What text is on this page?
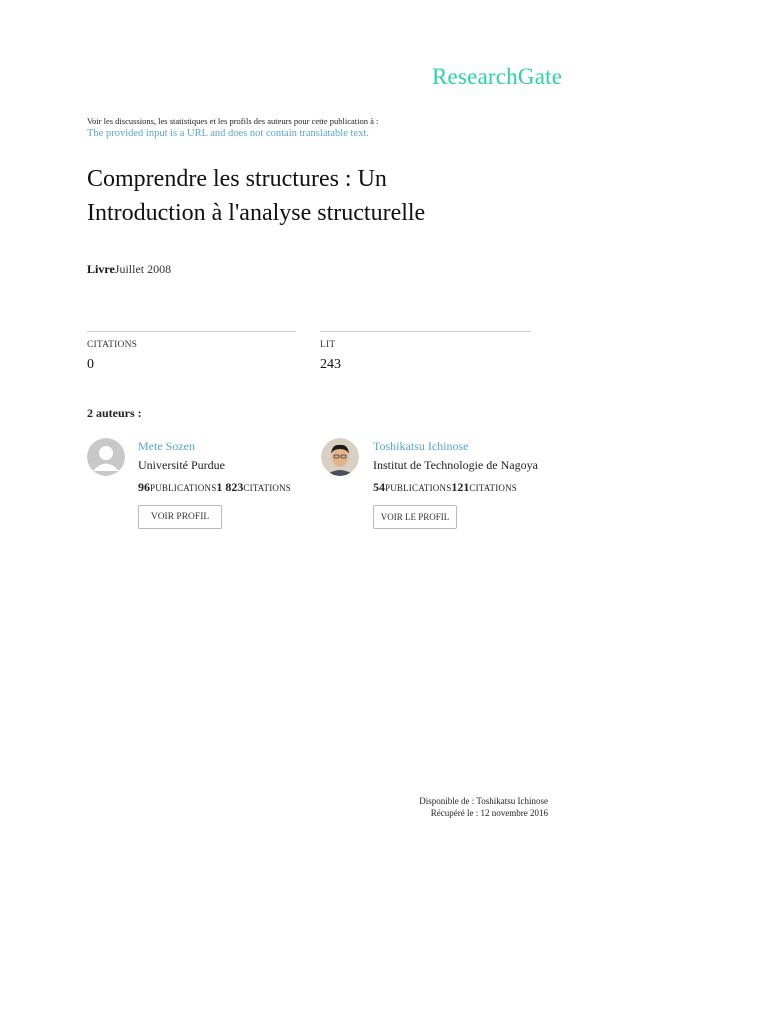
ResearchGate
Voir les discussions, les statistiques et les profils des auteurs pour cette publication à :
The provided input is a URL and does not contain translatable text.
Comprendre les structures : Un
Introduction à l'analyse structurelle
LivreJuillet 2008
CITATIONS
0
LIT
243
2 auteurs :
Mete Sozen
Université Purdue
96PUBLICATIONS1 823CITATIONS
VOIR PROFIL
Toshikatsu Ichinose
Institut de Technologie de Nagoya
54PUBLICATIONS121CITATIONS
VOIR LE PROFIL
Disponible de : Toshikatsu Ichinose
Récupéré le : 12 novembre 2016
